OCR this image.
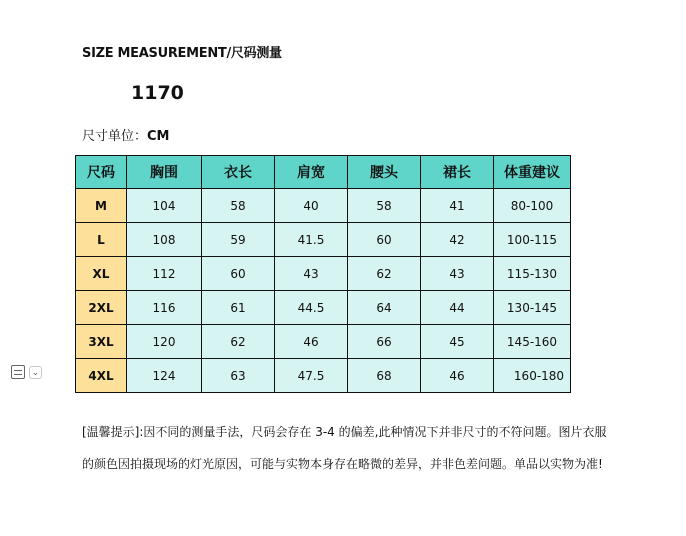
SIZE MEASUREMENT/尺码测量
1170
尺寸单位：CM
尺码	胸围	衣长	肩宽	腰头	裙长	体重建议
M	104	58	40	58	41	80-100
L	108	59	41.5	60	42	100-115
XL	112	60	43	62	43	115-130
2XL	116	61	44.5	64	44	130-145
3XL	120	62	46	66	45	145-160
4XL	124	63	47.5	68	46	160-180
⌄
[温馨提示]:因不同的测量手法，尺码会存在 3-4 的偏差,此种情况下并非尺寸的不符问题。图片衣服
的颜色因拍摄现场的灯光原因，可能与实物本身存在略微的差异，并非色差问题。单品以实物为准!
